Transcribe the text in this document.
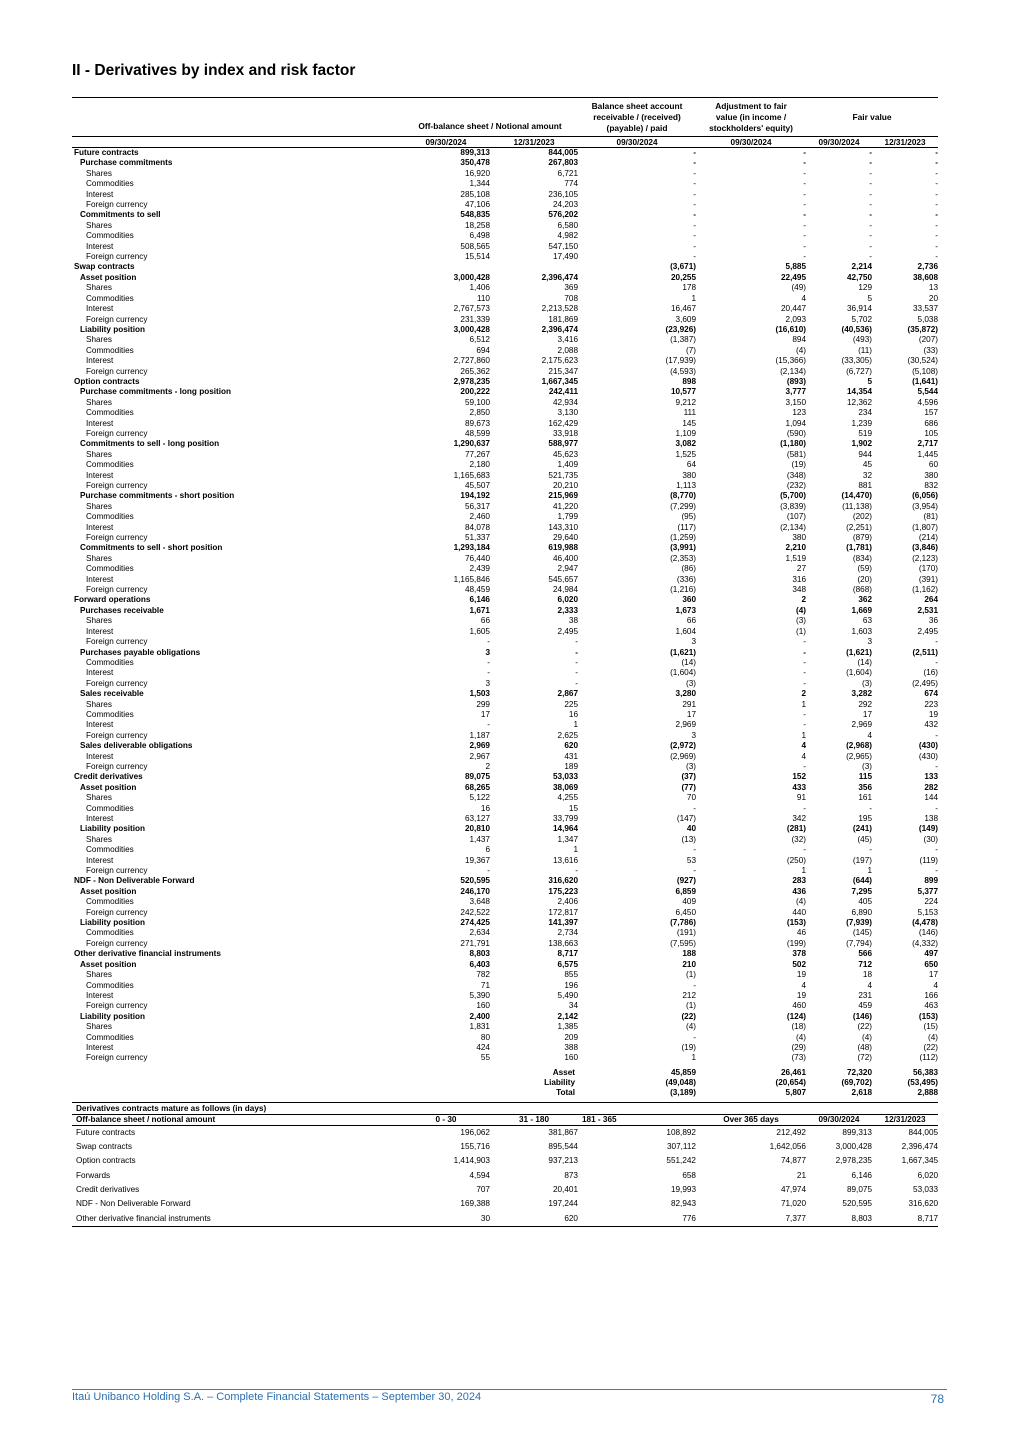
II - Derivatives by index and risk factor
	Off-balance sheet / Notional amount		Balance sheet account receivable / (received) (payable) / paid	Adjustment to fair value (in income / stockholders' equity)	Fair value	
	09/30/2024	12/31/2023	09/30/2024	09/30/2024	09/30/2024	12/31/2023
Future contracts	899,313	844,005	-	-	-	-
Purchase commitments	350,478	267,803	-	-	-	-
Shares	16,920	6,721	-	-	-	-
Commodities	1,344	774	-	-	-	-
Interest	285,108	236,105	-	-	-	-
Foreign currency	47,106	24,203	-	-	-	-
Commitments to sell	548,835	576,202	-	-	-	-
Shares	18,258	6,580	-	-	-	-
Commodities	6,498	4,982	-	-	-	-
Interest	508,565	547,150	-	-	-	-
Foreign currency	15,514	17,490	-	-	-	-
Swap contracts			(3,671)	5,885	2,214	2,736
Asset position	3,000,428	2,396,474	20,255	22,495	42,750	38,608
Shares	1,406	369	178	(49)	129	13
Commodities	110	708	1	4	5	20
Interest	2,767,573	2,213,528	16,467	20,447	36,914	33,537
Foreign currency	231,339	181,869	3,609	2,093	5,702	5,038
Liability position	3,000,428	2,396,474	(23,926)	(16,610)	(40,536)	(35,872)
Shares	6,512	3,416	(1,387)	894	(493)	(207)
Commodities	694	2,088	(7)	(4)	(11)	(33)
Interest	2,727,860	2,175,623	(17,939)	(15,366)	(33,305)	(30,524)
Foreign currency	265,362	215,347	(4,593)	(2,134)	(6,727)	(5,108)
Option contracts	2,978,235	1,667,345	898	(893)	5	(1,641)
Purchase commitments - long position	200,222	242,411	10,577	3,777	14,354	5,544
Shares	59,100	42,934	9,212	3,150	12,362	4,596
Commodities	2,850	3,130	111	123	234	157
Interest	89,673	162,429	145	1,094	1,239	686
Foreign currency	48,599	33,918	1,109	(590)	519	105
Commitments to sell - long position	1,290,637	588,977	3,082	(1,180)	1,902	2,717
Shares	77,267	45,623	1,525	(581)	944	1,445
Commodities	2,180	1,409	64	(19)	45	60
Interest	1,165,683	521,735	380	(348)	32	380
Foreign currency	45,507	20,210	1,113	(232)	881	832
Purchase commitments - short position	194,192	215,969	(8,770)	(5,700)	(14,470)	(6,056)
Shares	56,317	41,220	(7,299)	(3,839)	(11,138)	(3,954)
Commodities	2,460	1,799	(95)	(107)	(202)	(81)
Interest	84,078	143,310	(117)	(2,134)	(2,251)	(1,807)
Foreign currency	51,337	29,640	(1,259)	380	(879)	(214)
Commitments to sell - short position	1,293,184	619,988	(3,991)	2,210	(1,781)	(3,846)
Shares	76,440	46,400	(2,353)	1,519	(834)	(2,123)
Commodities	2,439	2,947	(86)	27	(59)	(170)
Interest	1,165,846	545,657	(336)	316	(20)	(391)
Foreign currency	48,459	24,984	(1,216)	348	(868)	(1,162)
Forward operations	6,146	6,020	360	2	362	264
Purchases receivable	1,671	2,333	1,673	(4)	1,669	2,531
Shares	66	38	66	(3)	63	36
Interest	1,605	2,495	1,604	(1)	1,603	2,495
Foreign currency	-	-	3	-	3	-
Purchases payable obligations	3	-	(1,621)	-	(1,621)	(2,511)
Commodities	-	-	(14)	-	(14)	-
Interest	-	-	(1,604)	-	(1,604)	(16)
Foreign currency	3	-	(3)	-	(3)	(2,495)
Sales receivable	1,503	2,867	3,280	2	3,282	674
Shares	299	225	291	1	292	223
Commodities	17	16	17	-	17	19
Interest	-	1	2,969	-	2,969	432
Foreign currency	1,187	2,625	3	1	4	-
Sales deliverable obligations	2,969	620	(2,972)	4	(2,968)	(430)
Interest	2,967	431	(2,969)	4	(2,965)	(430)
Foreign currency	2	189	(3)	-	(3)	-
Credit derivatives	89,075	53,033	(37)	152	115	133
Asset position	68,265	38,069	(77)	433	356	282
Shares	5,122	4,255	70	91	161	144
Commodities	16	15	-	-	-	-
Interest	63,127	33,799	(147)	342	195	138
Liability position	20,810	14,964	40	(281)	(241)	(149)
Shares	1,437	1,347	(13)	(32)	(45)	(30)
Commodities	6	1	-	-	-	-
Interest	19,367	13,616	53	(250)	(197)	(119)
Foreign currency	-	-	-	1	1	-
NDF - Non Deliverable Forward	520,595	316,620	(927)	283	(644)	899
Asset position	246,170	175,223	6,859	436	7,295	5,377
Commodities	3,648	2,406	409	(4)	405	224
Foreign currency	242,522	172,817	6,450	440	6,890	5,153
Liability position	274,425	141,397	(7,786)	(153)	(7,939)	(4,478)
Commodities	2,634	2,734	(191)	46	(145)	(146)
Foreign currency	271,791	138,663	(7,595)	(199)	(7,794)	(4,332)
Other derivative financial instruments	8,803	8,717	188	378	566	497
Asset position	6,403	6,575	210	502	712	650
Shares	782	855	(1)	19	18	17
Commodities	71	196	-	4	4	4
Interest	5,390	5,490	212	19	231	166
Foreign currency	160	34	(1)	460	459	463
Liability position	2,400	2,142	(22)	(124)	(146)	(153)
Shares	1,831	1,385	(4)	(18)	(22)	(15)
Commodities	80	209	-	(4)	(4)	(4)
Interest	424	388	(19)	(29)	(48)	(22)
Foreign currency	55	160	1	(73)	(72)	(112)
		Asset	45,859	26,461	72,320	56,383
		Liability	(49,048)	(20,654)	(69,702)	(53,495)
		Total	(3,189)	5,807	2,618	2,888
Derivatives contracts mature as follows (in days)						
Off-balance sheet / notional amount	0 - 30	31 - 180	181 - 365	Over 365 days	09/30/2024	12/31/2023
Future contracts	196,062	381,867	108,892	212,492	899,313	844,005
Swap contracts	155,716	895,544	307,112	1,642,056	3,000,428	2,396,474
Option contracts	1,414,903	937,213	551,242	74,877	2,978,235	1,667,345
Forwards	4,594	873	658	21	6,146	6,020
Credit derivatives	707	20,401	19,993	47,974	89,075	53,033
NDF - Non Deliverable Forward	169,388	197,244	82,943	71,020	520,595	316,620
Other derivative financial instruments	30	620	776	7,377	8,803	8,717
Itaú Unibanco Holding S.A. – Complete Financial Statements – September 30, 2024	78
